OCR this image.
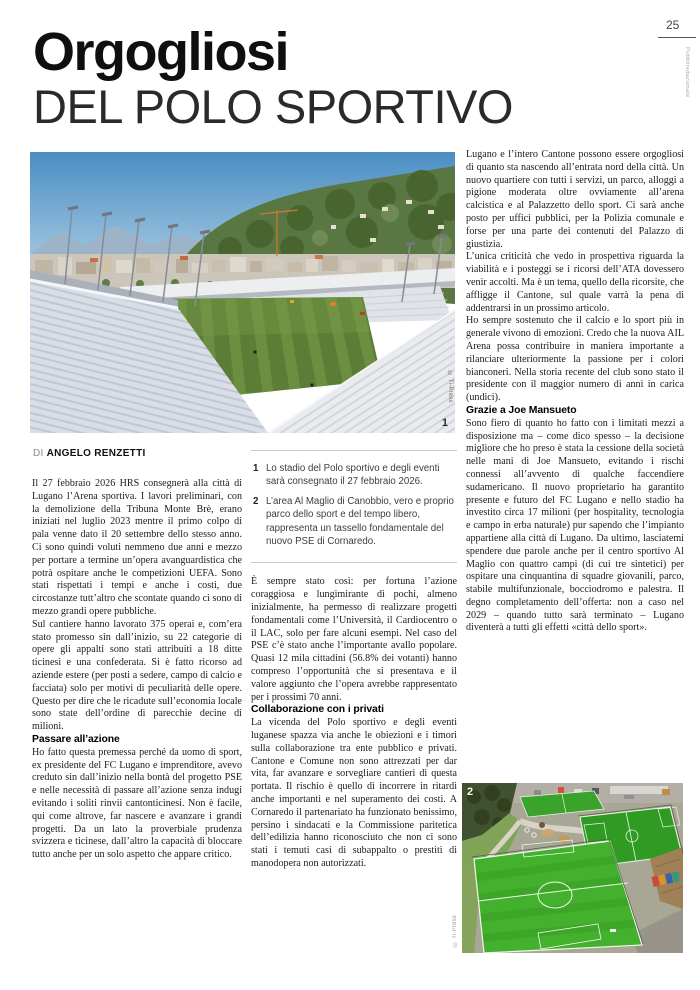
Orgogliosi
DEL POLO SPORTIVO
25
Pubbliredazionale
1
© Ti-Press
DI ANGELO RENZETTI

Il 27 febbraio 2026 HRS consegnerà alla città di Lugano l’Arena sportiva. I lavori preliminari, con la demolizione della Tribuna Monte Brè, erano iniziati nel luglio 2023 mentre il primo colpo di pala venne dato il 20 settembre dello stesso anno. Ci sono quindi voluti nemmeno due anni e mezzo per portare a termine un’opera avanguardistica che potrà ospitare anche le competizioni UEFA. Sono stati rispettati i tempi e anche i costi, due circostanze tutt’altro che scontate quando ci sono di mezzo grandi opere pubbliche.

Sul cantiere hanno lavorato 375 operai e, com’era stato promesso sin dall’inizio, su 22 categorie di opere gli appalti sono stati attribuiti a 18 ditte ticinesi e una confederata. Si è fatto ricorso ad aziende estere (per posti a sedere, campo di calcio e facciata) solo per motivi di peculiarità delle opere. Questo per dire che le ricadute sull’economia locale sono state dell’ordine di parecchie decine di milioni.

Passare all’azione

Ho fatto questa premessa perché da uomo di sport, ex presidente del FC Lugano e imprenditore, avevo creduto sin dall’inizio nella bontà del progetto PSE e nelle necessità di passare all’azione senza indugi evitando i soliti rinvii cantonticinesi. Non è facile, qui come altrove, far nascere e avanzare i grandi progetti. Da un lato la proverbiale prudenza svizzera e ticinese, dall’altro la capacità di bloccare tutto anche per un solo aspetto che appare critico.

1 Lo stadio del Polo sportivo e degli eventi sarà consegnato il 27 febbraio 2026.
2 L’area Al Maglio di Canobbio, vero e proprio parco dello sport e del tempo libero, rappresenta un tassello fondamentale del nuovo PSE di Cornaredo.

È sempre stato così: per fortuna l’azione coraggiosa e lungimirante di pochi, almeno inizialmente, ha permesso di realizzare progetti fondamentali come l’Università, il Cardiocentro o il LAC, solo per fare alcuni esempi. Nel caso del PSE c’è stato anche l’importante avallo popolare. Quasi 12 mila cittadini (56.8% dei votanti) hanno compreso l’opportunità che si presentava e il valore aggiunto che l’opera avrebbe rappresentato per i prossimi 70 anni.

Collaborazione con i privati

La vicenda del Polo sportivo e degli eventi luganese spazza via anche le obiezioni e i timori sulla collaborazione tra ente pubblico e privati. Cantone e Comune non sono attrezzati per dar vita, far avanzare e sorvegliare cantieri di questa portata. Il rischio è quello di incorrere in ritardi anche importanti e nel superamento dei costi. A Cornaredo il partenariato ha funzionato benissimo, persino i sindacati e la Commissione paritetica dell’edilizia hanno riconosciuto che non ci sono stati i temuti casi di subappalto o prestiti di manodopera non autorizzati.

Lugano e l’intero Cantone possono essere orgogliosi di quanto sta nascendo all’entrata nord della città. Un nuovo quartiere con tutti i servizi, un parco, alloggi a pigione moderata oltre ovviamente all’arena calcistica e al Palazzetto dello sport. Ci sarà anche posto per uffici pubblici, per la Polizia comunale e forse per una parte dei contenuti del Palazzo di giustizia.

L’unica criticità che vedo in prospettiva riguarda la viabilità e i posteggi se i ricorsi dell’ATA dovessero venir accolti. Ma è un tema, quello della ricorsite, che affligge il Cantone, sul quale varrà la pena di addentrarsi in un prossimo articolo.

Ho sempre sostenuto che il calcio e lo sport più in generale vivono di emozioni. Credo che la nuova AIL Arena possa contribuire in maniera importante a rilanciare ulteriormente la passione per i colori bianconeri. Nella storia recente del club sono stato il presidente con il maggior numero di anni in carica (undici).

Grazie a Joe Mansueto

Sono fiero di quanto ho fatto con i limitati mezzi a disposizione ma – come dico spesso – la decisione migliore che ho preso è stata la cessione della società nelle mani di Joe Mansueto, evitando i rischi connessi all’avvento di qualche faccendiere sudamericano. Il nuovo proprietario ha garantito presente e futuro del FC Lugano e nello stadio ha investito circa 17 milioni (per hospitality, tecnologia e campo in erba naturale) pur sapendo che l’impianto appartiene alla città di Lugano. Da ultimo, lasciatemi spendere due parole anche per il centro sportivo Al Maglio con quattro campi (di cui tre sintetici) per ospitare una cinquantina di squadre giovanili, parco, stabile multifunzionale, bocciodromo e palestra. Il degno completamento dell’offerta: non a caso nel 2029 – quando tutto sarà terminato – Lugano diventerà a tutti gli effetti «città dello sport».

2
© Ti-Press
